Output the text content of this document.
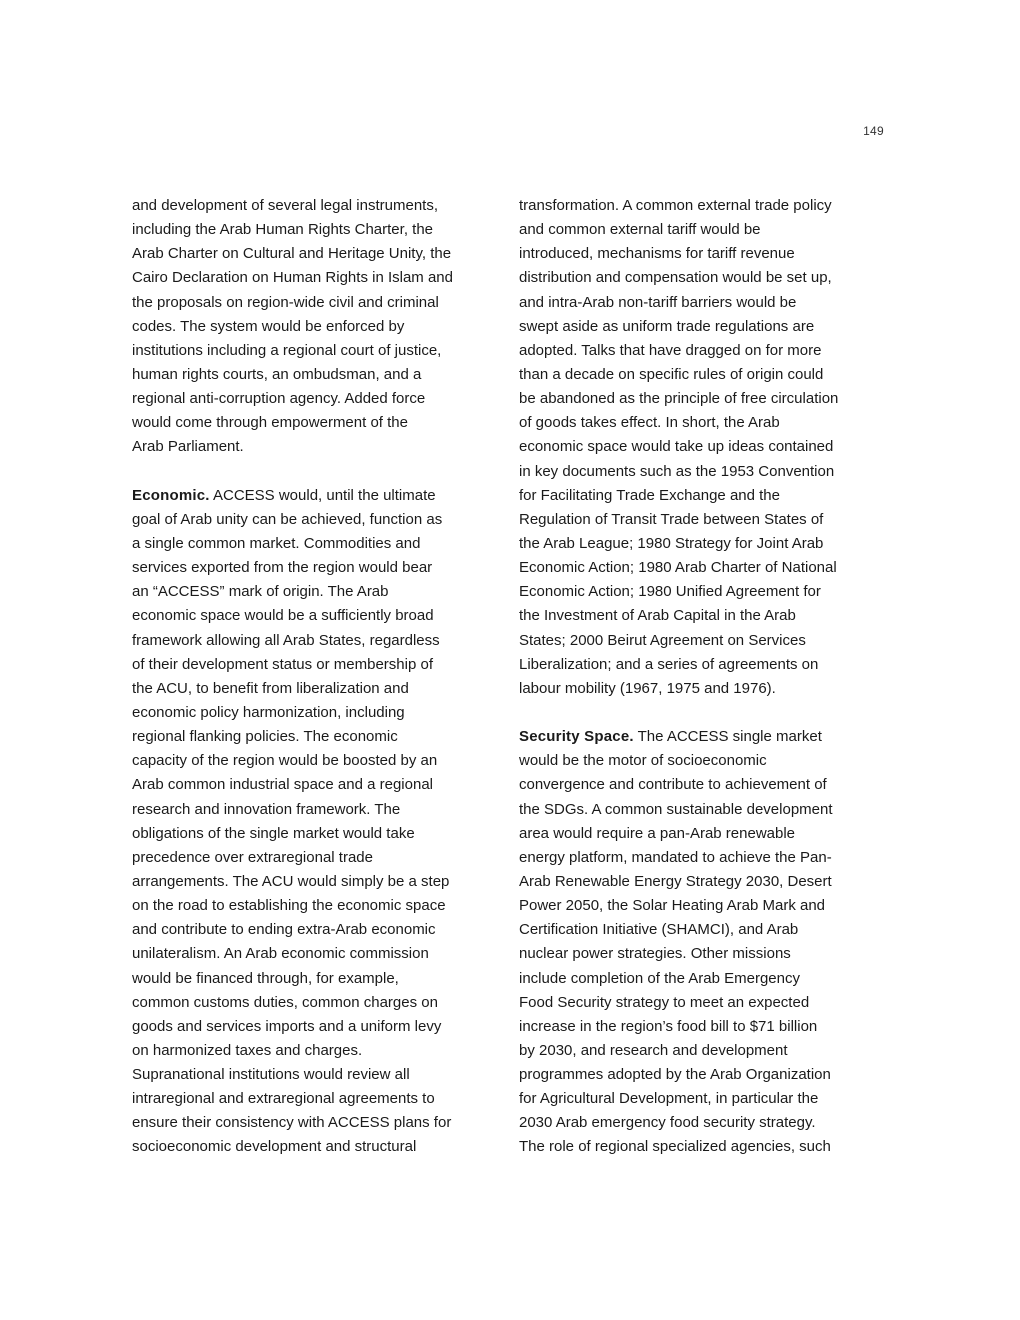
149
and development of several legal instruments,
including the Arab Human Rights Charter, the
Arab Charter on Cultural and Heritage Unity, the
Cairo Declaration on Human Rights in Islam and
the proposals on region-wide civil and criminal
codes. The system would be enforced by
institutions including a regional court of justice,
human rights courts, an ombudsman, and a
regional anti-corruption agency. Added force
would come through empowerment of the
Arab Parliament.
Economic. ACCESS would, until the ultimate
goal of Arab unity can be achieved, function as
a single common market. Commodities and
services exported from the region would bear
an “ACCESS” mark of origin. The Arab
economic space would be a sufficiently broad
framework allowing all Arab States, regardless
of their development status or membership of
the ACU, to benefit from liberalization and
economic policy harmonization, including
regional flanking policies. The economic
capacity of the region would be boosted by an
Arab common industrial space and a regional
research and innovation framework. The
obligations of the single market would take
precedence over extraregional trade
arrangements. The ACU would simply be a step
on the road to establishing the economic space
and contribute to ending extra-Arab economic
unilateralism. An Arab economic commission
would be financed through, for example,
common customs duties, common charges on
goods and services imports and a uniform levy
on harmonized taxes and charges.
Supranational institutions would review all
intraregional and extraregional agreements to
ensure their consistency with ACCESS plans for
socioeconomic development and structural
transformation. A common external trade policy
and common external tariff would be
introduced, mechanisms for tariff revenue
distribution and compensation would be set up,
and intra-Arab non-tariff barriers would be
swept aside as uniform trade regulations are
adopted. Talks that have dragged on for more
than a decade on specific rules of origin could
be abandoned as the principle of free circulation
of goods takes effect. In short, the Arab
economic space would take up ideas contained
in key documents such as the 1953 Convention
for Facilitating Trade Exchange and the
Regulation of Transit Trade between States of
the Arab League; 1980 Strategy for Joint Arab
Economic Action; 1980 Arab Charter of National
Economic Action; 1980 Unified Agreement for
the Investment of Arab Capital in the Arab
States; 2000 Beirut Agreement on Services
Liberalization; and a series of agreements on
labour mobility (1967, 1975 and 1976).
Security Space. The ACCESS single market
would be the motor of socioeconomic
convergence and contribute to achievement of
the SDGs. A common sustainable development
area would require a pan-Arab renewable
energy platform, mandated to achieve the Pan-
Arab Renewable Energy Strategy 2030, Desert
Power 2050, the Solar Heating Arab Mark and
Certification Initiative (SHAMCI), and Arab
nuclear power strategies. Other missions
include completion of the Arab Emergency
Food Security strategy to meet an expected
increase in the region’s food bill to $71 billion
by 2030, and research and development
programmes adopted by the Arab Organization
for Agricultural Development, in particular the
2030 Arab emergency food security strategy.
The role of regional specialized agencies, such
